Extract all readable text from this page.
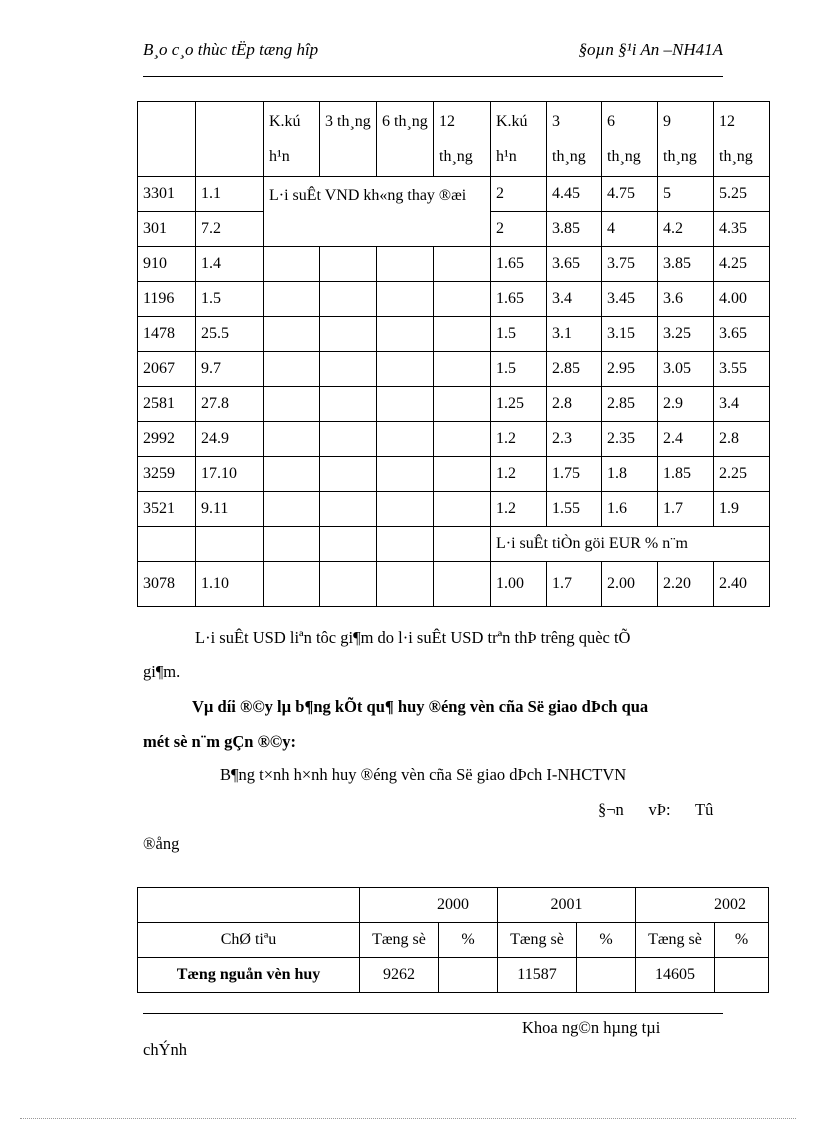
B¸o c¸o thùc tËp tæng hîp	§oµn §¹i An –NH41A
		K.kú h¹n	3 th¸ng	6 th¸ng	12 th¸ng	K.kú h¹n	3 th¸ng	6 th¸ng	9 th¸ng	12 th¸ng
3301	1.1	L·i suÊt VND kh«ng thay ®æi				2	4.45	4.75	5	5.25
301	7.2					2	3.85	4	4.2	4.35
910	1.4					1.65	3.65	3.75	3.85	4.25
1196	1.5					1.65	3.4	3.45	3.6	4.00
1478	25.5					1.5	3.1	3.15	3.25	3.65
2067	9.7					1.5	2.85	2.95	3.05	3.55
2581	27.8					1.25	2.8	2.85	2.9	3.4
2992	24.9					1.2	2.3	2.35	2.4	2.8
3259	17.10					1.2	1.75	1.8	1.85	2.25
3521	9.11					1.2	1.55	1.6	1.7	1.9
						L·i suÊt tiÒn göi EUR % n¨m				
3078	1.10					1.00	1.7	2.00	2.20	2.40
L·i suÊt USD liªn tôc gi¶m do l·i suÊt USD trªn thÞ trêng quèc tÕ
gi¶m.
Vµ díi ®©y lµ b¶ng kÕt qu¶ huy ®éng vèn cña Së giao dÞch qua
mét sè n¨m gÇn ®©y:
B¶ng t×nh h×nh huy ®éng vèn cña Së giao dÞch I-NHCTVN
§¬n      vÞ:      Tû
®ång
	2000		2001		2002	
ChØ tiªu	Tæng sè	%	Tæng sè	%	Tæng sè	%
Tæng nguån vèn huy	9262		11587		14605	
Khoa ng©n hµng tµi
chÝnh
